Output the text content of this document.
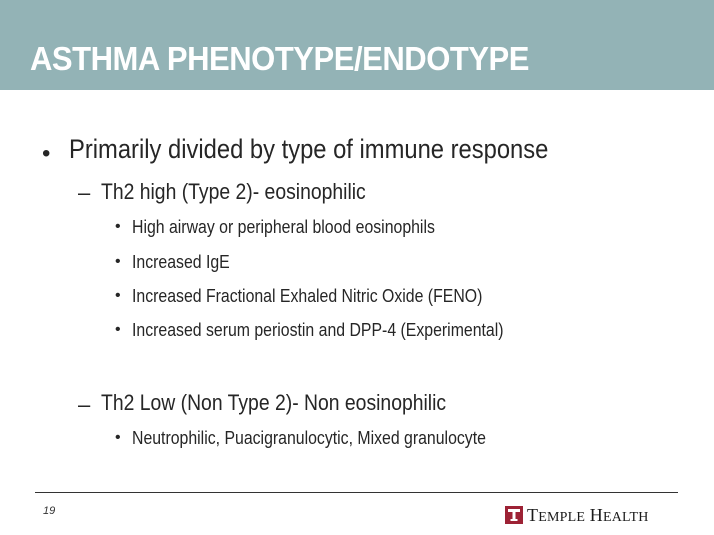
ASTHMA PHENOTYPE/ENDOTYPE
• Primarily divided by type of immune response
– Th2 high (Type 2)- eosinophilic
• High airway or peripheral blood eosinophils
• Increased IgE
• Increased Fractional Exhaled Nitric Oxide (FENO)
• Increased serum periostin and DPP-4 (Experimental)
– Th2 Low (Non Type 2)- Non eosinophilic
• Neutrophilic, Puacigranulocytic, Mixed granulocyte
19	TEMPLE HEALTH
